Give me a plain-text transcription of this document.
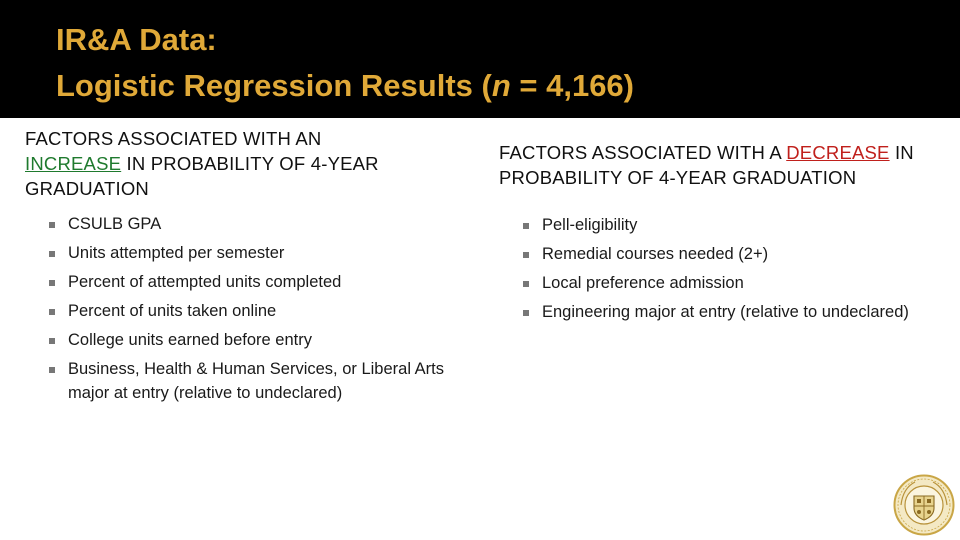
IR&A Data:
Logistic Regression Results (n = 4,166)

FACTORS ASSOCIATED WITH AN
INCREASE IN PROBABILITY OF 4-YEAR GRADUATION

CSULB GPA
Units attempted per semester
Percent of attempted units completed
Percent of units taken online
College units earned before entry
Business, Health & Human Services, or Liberal Arts major at entry (relative to undeclared)

FACTORS ASSOCIATED WITH A DECREASE IN PROBABILITY OF 4-YEAR GRADUATION

Pell-eligibility
Remedial courses needed (2+)
Local preference admission
Engineering major at entry (relative to undeclared)
